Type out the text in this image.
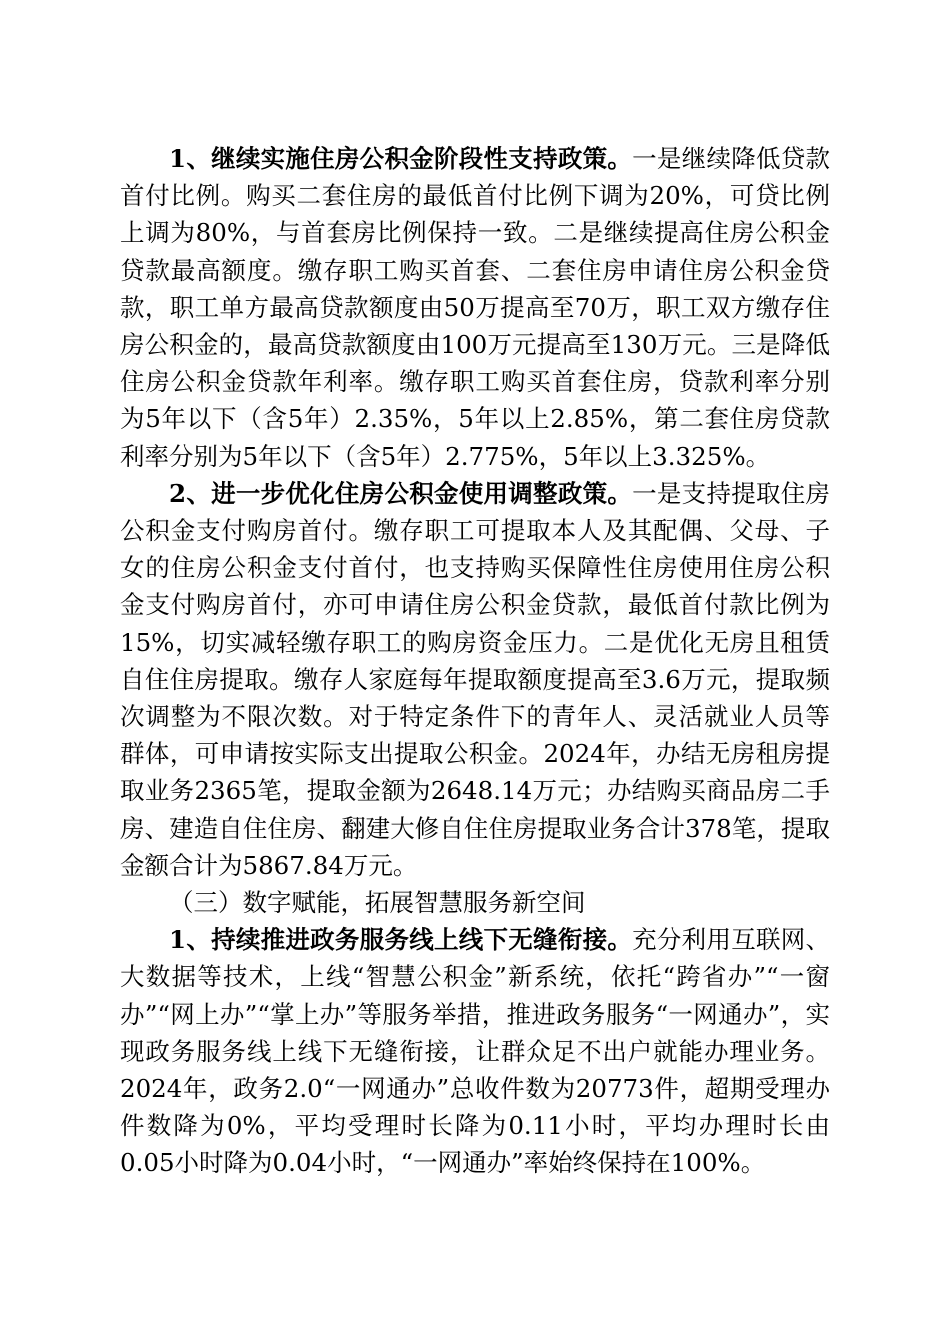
1、继续实施住房公积金阶段性支持政策。一是继续降低贷款首付比例。购买二套住房的最低首付比例下调为20%，可贷比例上调为80%，与首套房比例保持一致。二是继续提高住房公积金贷款最高额度。缴存职工购买首套、二套住房申请住房公积金贷款，职工单方最高贷款额度由50万提高至70万，职工双方缴存住房公积金的，最高贷款额度由100万元提高至130万元。三是降低住房公积金贷款年利率。缴存职工购买首套住房，贷款利率分别为5年以下（含5年）2.35%，5年以上2.85%，第二套住房贷款利率分别为5年以下（含5年）2.775%，5年以上3.325%。

2、进一步优化住房公积金使用调整政策。一是支持提取住房公积金支付购房首付。缴存职工可提取本人及其配偶、父母、子女的住房公积金支付首付，也支持购买保障性住房使用住房公积金支付购房首付，亦可申请住房公积金贷款，最低首付款比例为15%，切实减轻缴存职工的购房资金压力。二是优化无房且租赁自住住房提取。缴存人家庭每年提取额度提高至3.6万元，提取频次调整为不限次数。对于特定条件下的青年人、灵活就业人员等群体，可申请按实际支出提取公积金。2024年，办结无房租房提取业务2365笔，提取金额为2648.14万元；办结购买商品房二手房、建造自住住房、翻建大修自住住房提取业务合计378笔，提取金额合计为5867.84万元。

（三）数字赋能，拓展智慧服务新空间

1、持续推进政务服务线上线下无缝衔接。充分利用互联网、大数据等技术，上线“智慧公积金”新系统，依托“跨省办”“一窗办”“网上办”“掌上办”等服务举措，推进政务服务“一网通办”，实现政务服务线上线下无缝衔接，让群众足不出户就能办理业务。2024年，政务2.0“一网通办”总收件数为20773件，超期受理办件数降为0%，平均受理时长降为0.11小时，平均办理时长由0.05小时降为0.04小时，“一网通办”率始终保持在100%。
